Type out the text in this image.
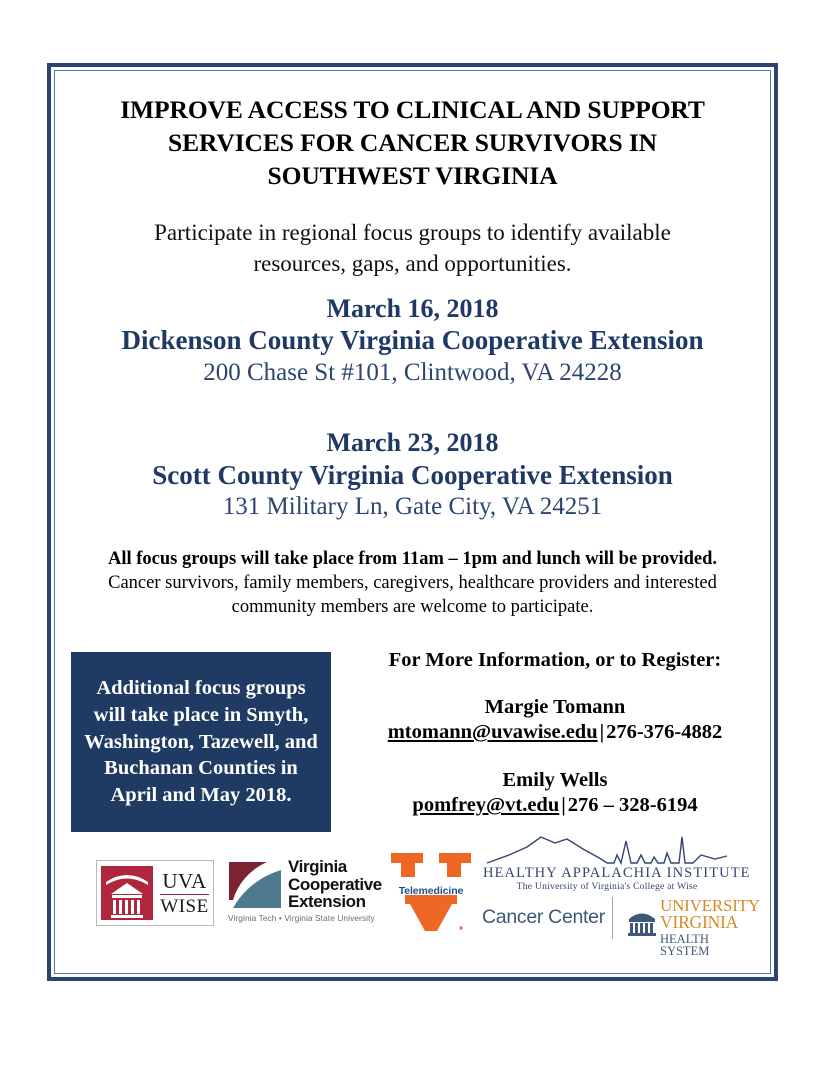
IMPROVE ACCESS TO CLINICAL AND SUPPORT SERVICES FOR CANCER SURVIVORS IN SOUTHWEST VIRGINIA
Participate in regional focus groups to identify available resources, gaps, and opportunities.
March 16, 2018
Dickenson County Virginia Cooperative Extension
200 Chase St #101, Clintwood, VA 24228
March 23, 2018
Scott County Virginia Cooperative Extension
131 Military Ln, Gate City, VA 24251
All focus groups will take place from 11am – 1pm and lunch will be provided. Cancer survivors, family members, caregivers, healthcare providers and interested community members are welcome to participate.
Additional focus groups will take place in Smyth, Washington, Tazewell, and Buchanan Counties in April and May 2018.
For More Information, or to Register:
Margie Tomann
mtomann@uvawise.edu|276-376-4882
Emily Wells
pomfrey@vt.edu|276 – 328-6194
UVA
WISE
Virginia
Cooperative
Extension
Virginia Tech • Virginia State University
Telemedicine
HEALTHY APPALACHIA INSTITUTE
The University of Virginia's College at Wise
Cancer Center
UNIVERSITY
VIRGINIA
HEALTH SYSTEM
